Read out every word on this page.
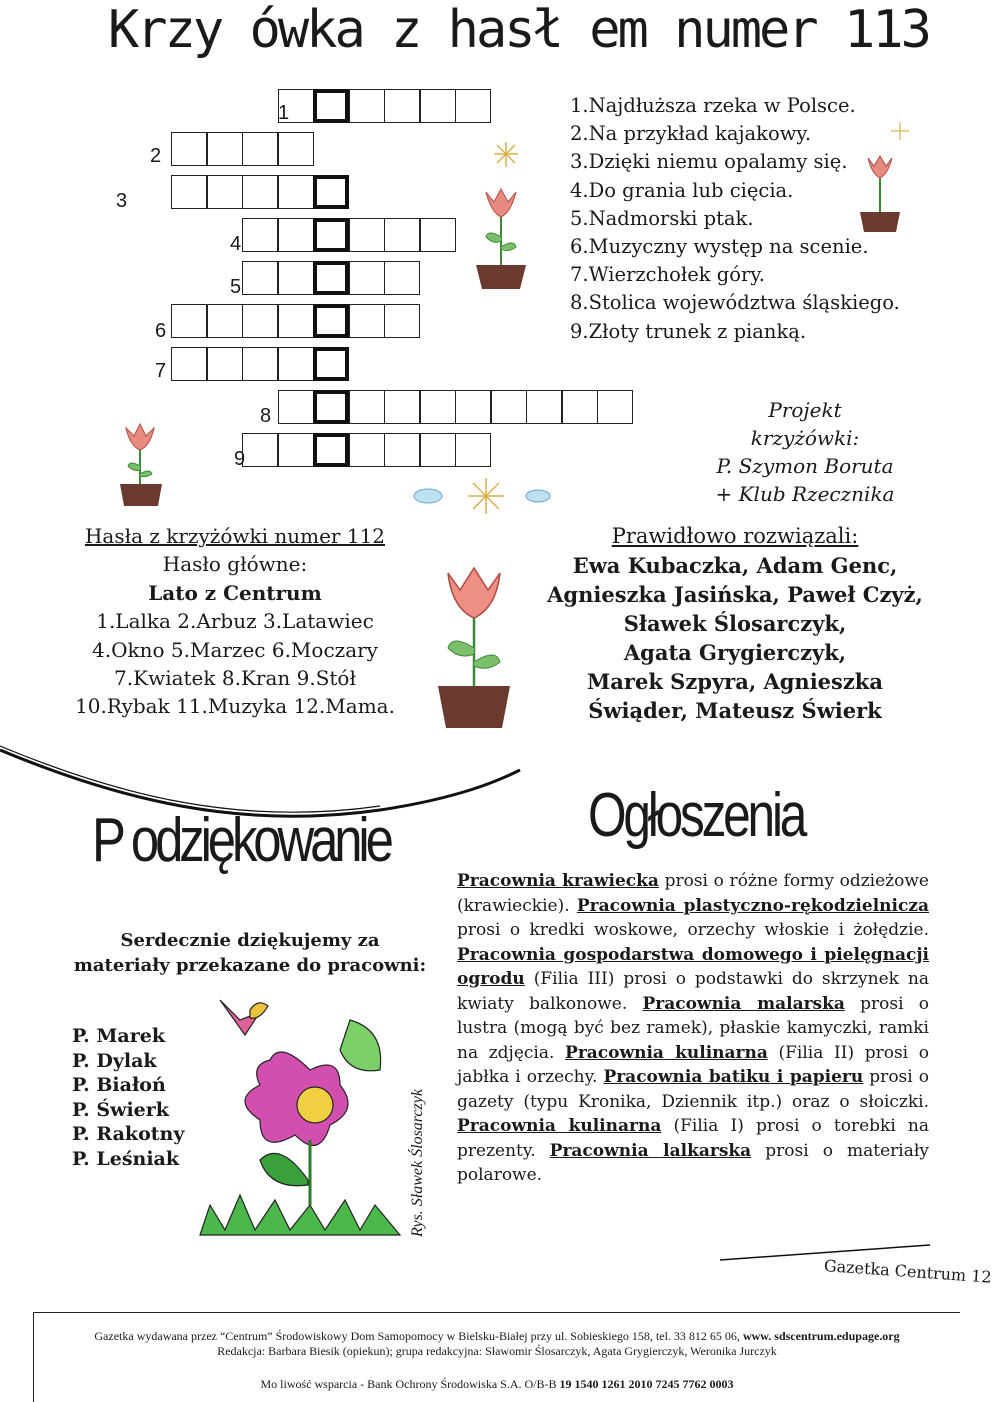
Krzy ówka z hasł em numer 113
1
2
3
4
5
6
7
8
9
1.Najdłuższa rzeka w Polsce.
2.Na przykład kajakowy.
3.Dzięki niemu opalamy się.
4.Do grania lub cięcia.
5.Nadmorski ptak.
6.Muzyczny występ na scenie.
7.Wierzchołek góry.
8.Stolica województwa śląskiego.
9.Złoty trunek z pianką.
Projekt krzyżówki:
P. Szymon Boruta
+ Klub Rzecznika
Hasła z krzyżówki numer 112
Hasło główne:
Lato z Centrum
1.Lalka 2.Arbuz 3.Latawiec
4.Okno 5.Marzec 6.Moczary
7.Kwiatek 8.Kran 9.Stół
10.Rybak 11.Muzyka 12.Mama.
Prawidłowo rozwiązali:
Ewa Kubaczka, Adam Genc,
Agnieszka Jasińska, Paweł Czyż,
Sławek Ślosarczyk,
Agata Grygierczyk,
Marek Szpyra, Agnieszka
Świąder, Mateusz Świerk
P odziękowanie	Ogłoszenia
Serdecznie dziękujemy za materiały przekazane do pracowni:
P. Marek
P. Dylak
P. Białoń
P. Świerk
P. Rakotny
P. Leśniak	Rys. Sławek Ślosarczyk
Pracownia krawiecka prosi o różne formy odzieżowe (krawieckie). Pracownia plastyczno-rękodzielnicza prosi o kredki woskowe, orzechy włoskie i żołędzie. Pracownia gospodarstwa domowego i pielęgnacji ogrodu (Filia III) prosi o podstawki do skrzynek na kwiaty balkonowe. Pracownia malarska prosi o lustra (mogą być bez ramek), płaskie kamyczki, ramki na zdjęcia. Pracownia kulinarna (Filia II) prosi o jabłka i orzechy. Pracownia batiku i papieru prosi o gazety (typu Kronika, Dziennik itp.) oraz o słoiczki. Pracownia kulinarna (Filia I) prosi o torebki na prezenty. Pracownia lalkarska prosi o materiały polarowe.
Gazetka Centrum 12
Gazetka wydawana przez “Centrum” Środowiskowy Dom Samopomocy w Bielsku-Białej przy ul. Sobieskiego 158, tel. 33 812 65 06, www. sdscentrum.edupage.org
Redakcja: Barbara Biesik (opiekun); grupa redakcyjna: Sławomir Ślosarczyk, Agata Grygierczyk, Weronika Jurczyk
Mo liwość wsparcia - Bank Ochrony Środowiska S.A. O/B-B 19 1540 1261 2010 7245 7762 0003
